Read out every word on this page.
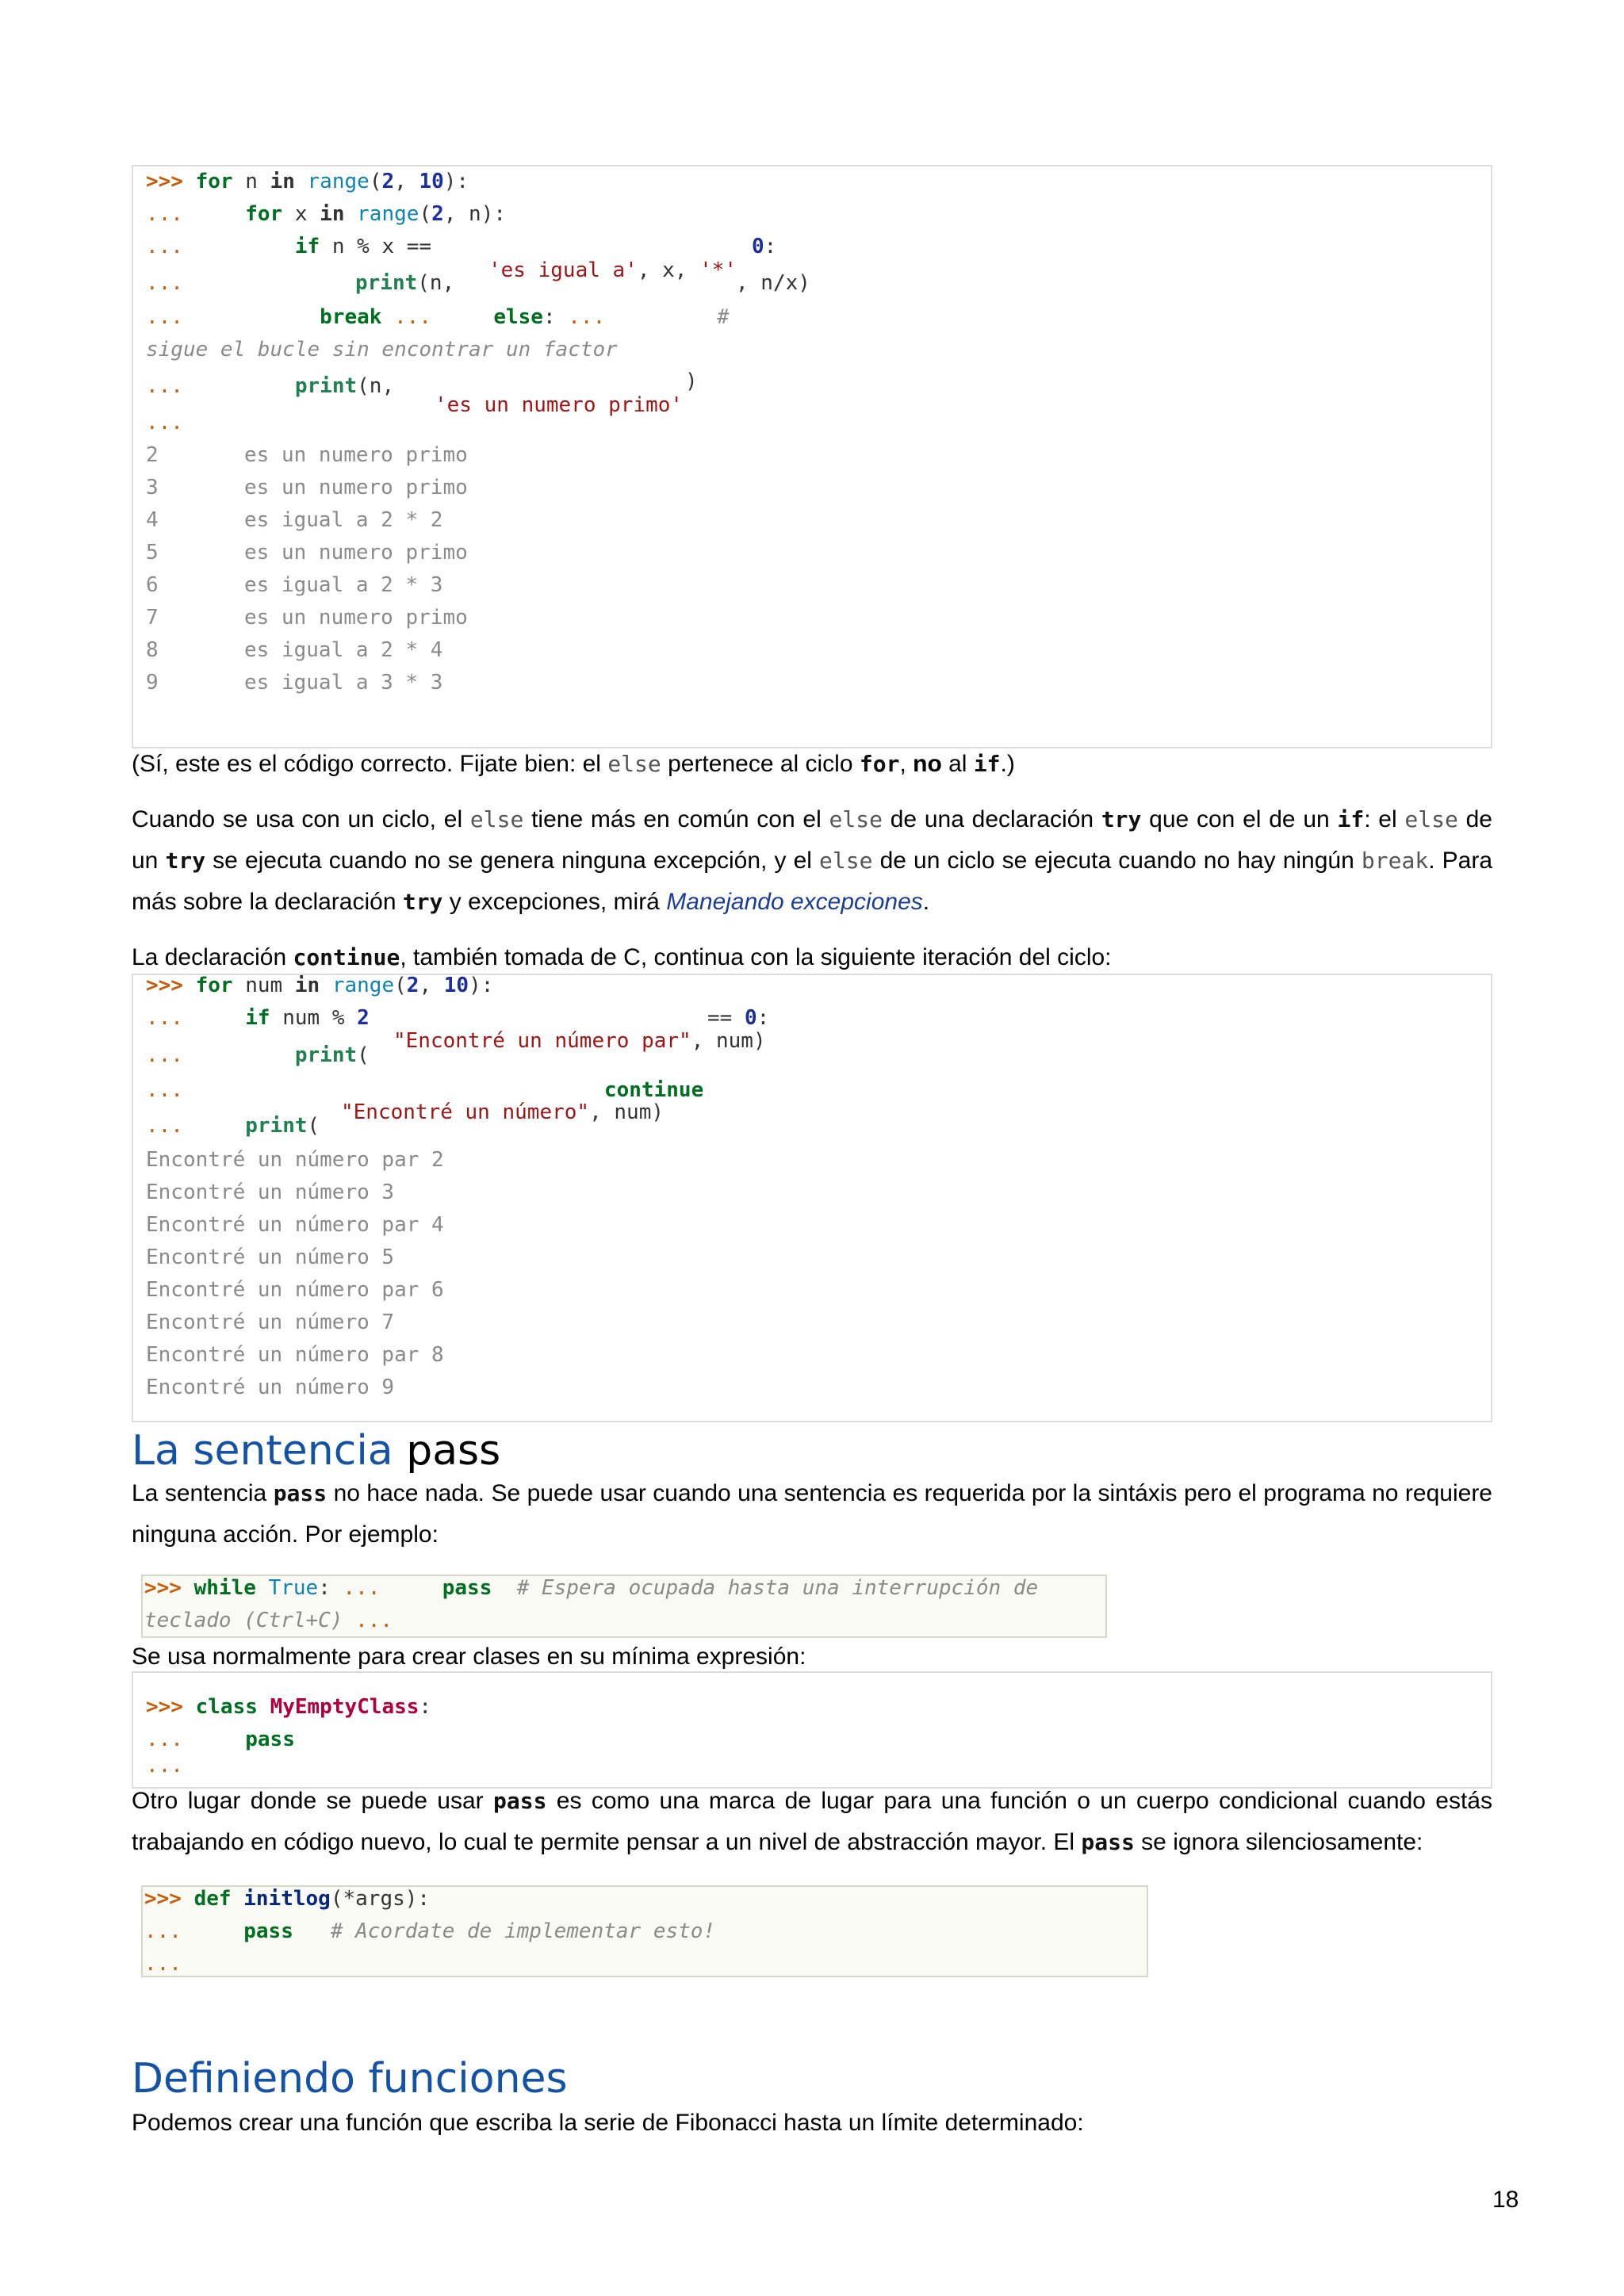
>>> for n in range(2, 10):
...	for x in range(2, n):
...	if n % x ==	0:
...	print(n,
'es igual a', x, '*'
, n/x)
...	break ...	else: ...	#
sigue el bucle sin encontrar un factor
...	print(n,	)
'es un numero primo'
...
2	es un numero primo
3	es un numero primo
4	es igual a 2 * 2
5	es un numero primo
6	es igual a 2 * 3
7	es un numero primo
8	es igual a 2 * 4
9	es igual a 3 * 3
(Sí, este es el código correcto. Fijate bien: el else pertenece al ciclo for, no al if.)
Cuando se usa con un ciclo, el else tiene más en común con el else de una declaración try que con el de un if: el else de un try se ejecuta cuando no se genera ninguna excepción, y el else de un ciclo se ejecuta cuando no hay ningún break. Para más sobre la declaración try y excepciones, mirá Manejando excepciones.
La declaración continue, también tomada de C, continua con la siguiente iteración del ciclo:
>>> for num in range(2, 10):
...	if num % 2	== 0:
...	print(
"Encontré un número par", num)
...	continue
...	print(
"Encontré un número", num)
Encontré un número par 2
Encontré un número 3
Encontré un número par 4
Encontré un número 5
Encontré un número par 6
Encontré un número 7
Encontré un número par 8
Encontré un número 9
La sentencia pass
La sentencia pass no hace nada. Se puede usar cuando una sentencia es requerida por la sintáxis pero el programa no requiere ninguna acción. Por ejemplo:
>>> while True: ...	pass # Espera ocupada hasta una interrupción de
teclado (Ctrl+C) ...
Se usa normalmente para crear clases en su mínima expresión:
>>> class MyEmptyClass:
...	pass
...
Otro lugar donde se puede usar pass es como una marca de lugar para una función o un cuerpo condicional cuando estás trabajando en código nuevo, lo cual te permite pensar a un nivel de abstracción mayor. El pass se ignora silenciosamente:
>>> def initlog(*args):
...	pass # Acordate de implementar esto!
...
Definiendo funciones
Podemos crear una función que escriba la serie de Fibonacci hasta un límite determinado:
18
